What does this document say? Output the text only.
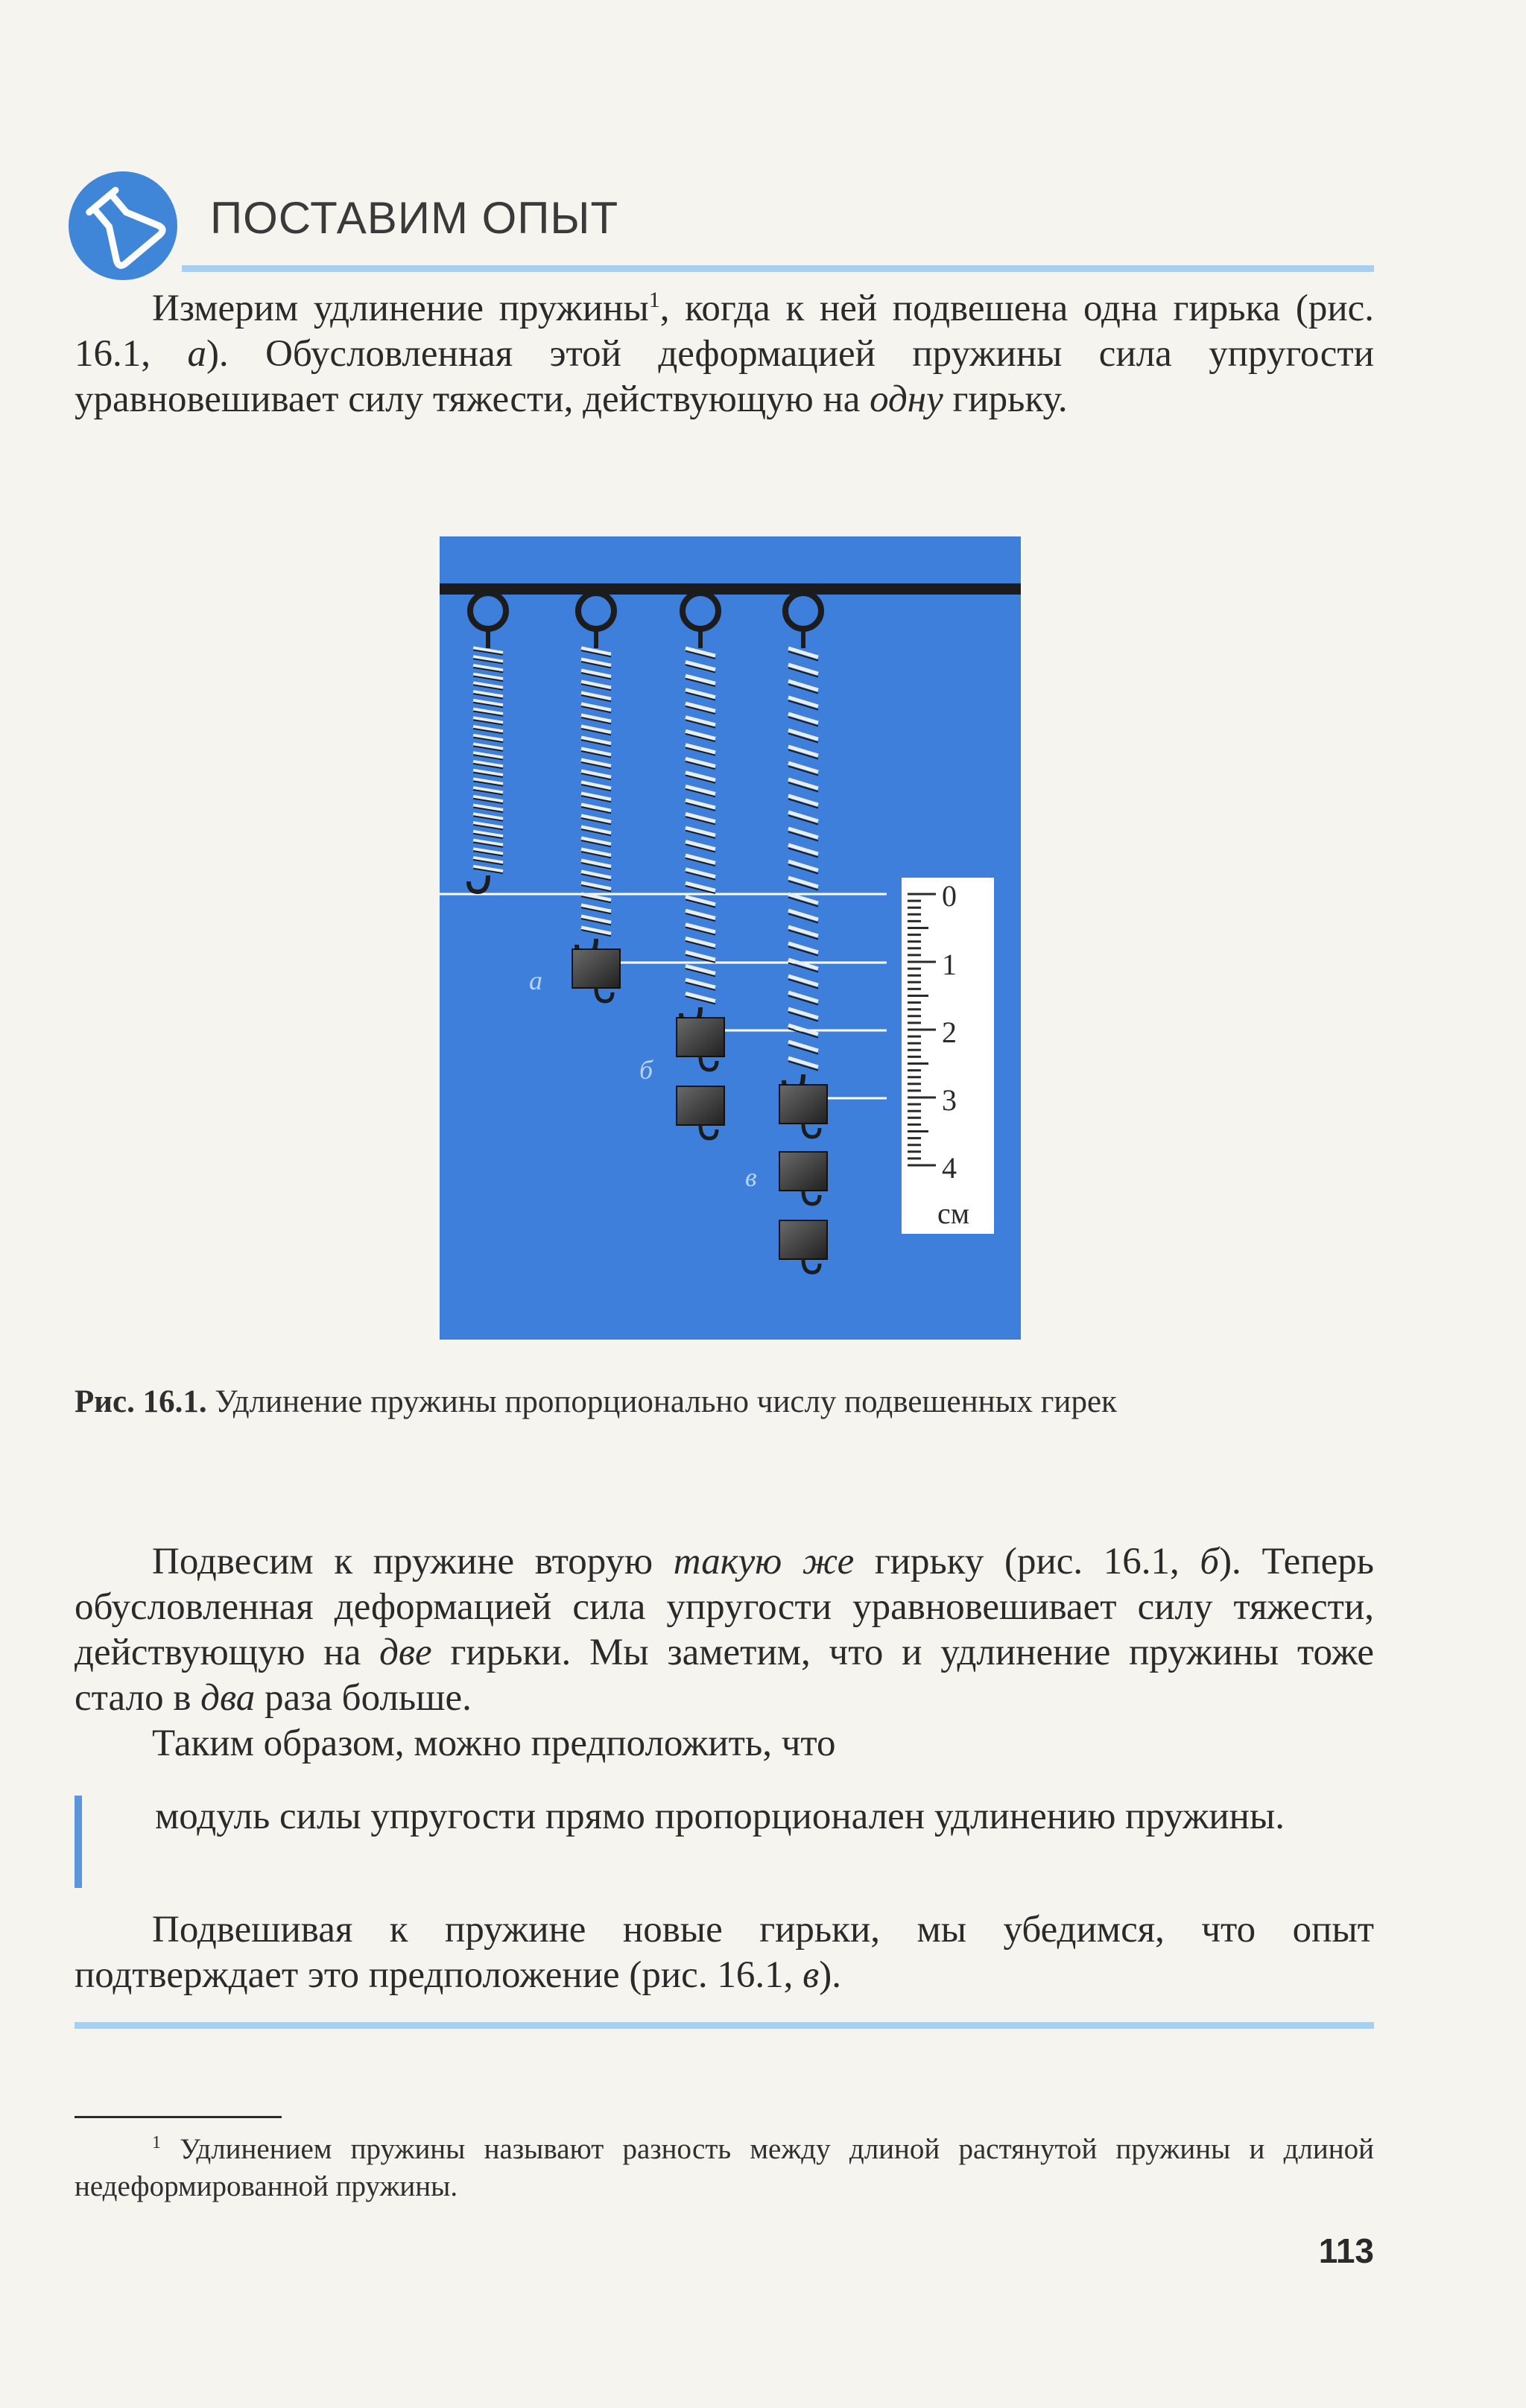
ПОСТАВИМ ОПЫТ
Измерим удлинение пружины$^1$, когда к ней подвешена одна гирька (рис. 16.1, а). Обусловленная этой деформацией пружины сила упругости уравновешивает силу тяжести, действующую на одну гирьку.
0
1
2
3
4
см
а
б
в
Рис. 16.1. Удлинение пружины пропорционально числу подвешенных гирек
Подвесим к пружине вторую такую же гирьку (рис. 16.1, б). Теперь обусловленная деформацией сила упругости уравновешивает силу тяжести, действующую на две гирьки. Мы заметим, что и удлинение пружины тоже стало в два раза больше.
Таким образом, можно предположить, что
модуль силы упругости прямо пропорционален удлинению пружины.
Подвешивая к пружине новые гирьки, мы убедимся, что опыт подтверждает это предположение (рис. 16.1, в).
$^1$ Удлинением пружины называют разность между длиной растянутой пружины и длиной недеформированной пружины.
113
